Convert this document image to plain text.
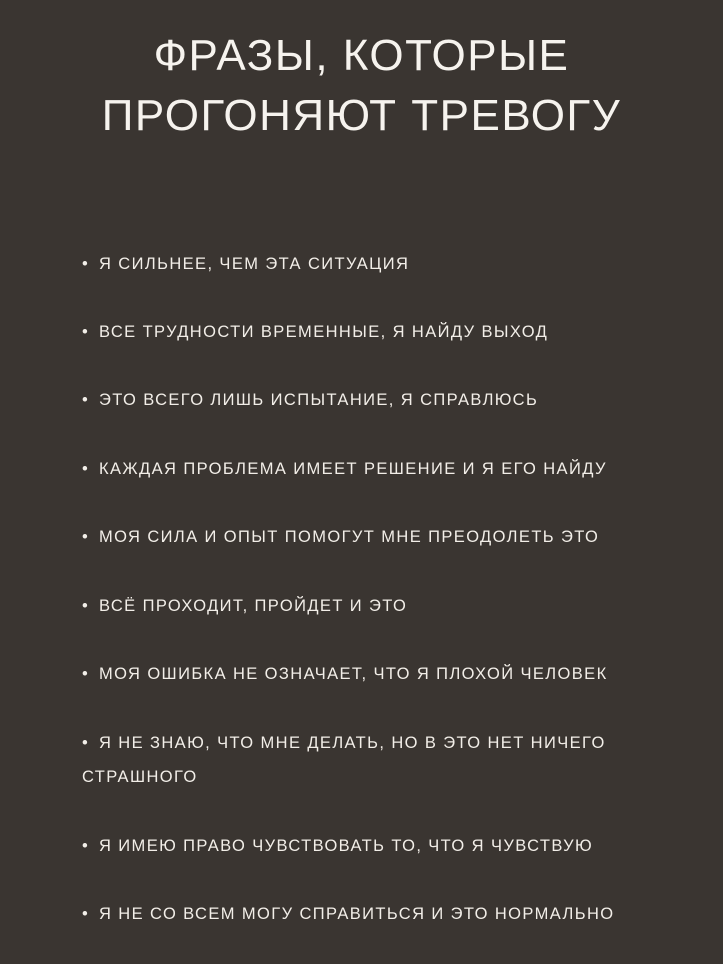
ФРАЗЫ, КОТОРЫЕ
ПРОГОНЯЮТ ТРЕВОГУ

• Я СИЛЬНЕЕ, ЧЕМ ЭТА СИТУАЦИЯ

• ВСЕ ТРУДНОСТИ ВРЕМЕННЫЕ, Я НАЙДУ ВЫХОД

• ЭТО ВСЕГО ЛИШЬ ИСПЫТАНИЕ, Я СПРАВЛЮСЬ

• КАЖДАЯ ПРОБЛЕМА ИМЕЕТ РЕШЕНИЕ И Я ЕГО НАЙДУ

• МОЯ СИЛА И ОПЫТ ПОМОГУТ МНЕ ПРЕОДОЛЕТЬ ЭТО

• ВСЁ ПРОХОДИТ, ПРОЙДЕТ И ЭТО

• МОЯ ОШИБКА НЕ ОЗНАЧАЕТ, ЧТО Я ПЛОХОЙ ЧЕЛОВЕК

• Я НЕ ЗНАЮ, ЧТО МНЕ ДЕЛАТЬ, НО В ЭТО НЕТ НИЧЕГО СТРАШНОГО

• Я ИМЕЮ ПРАВО ЧУВСТВОВАТЬ ТО, ЧТО Я ЧУВСТВУЮ

• Я НЕ СО ВСЕМ МОГУ СПРАВИТЬСЯ И ЭТО НОРМАЛЬНО
